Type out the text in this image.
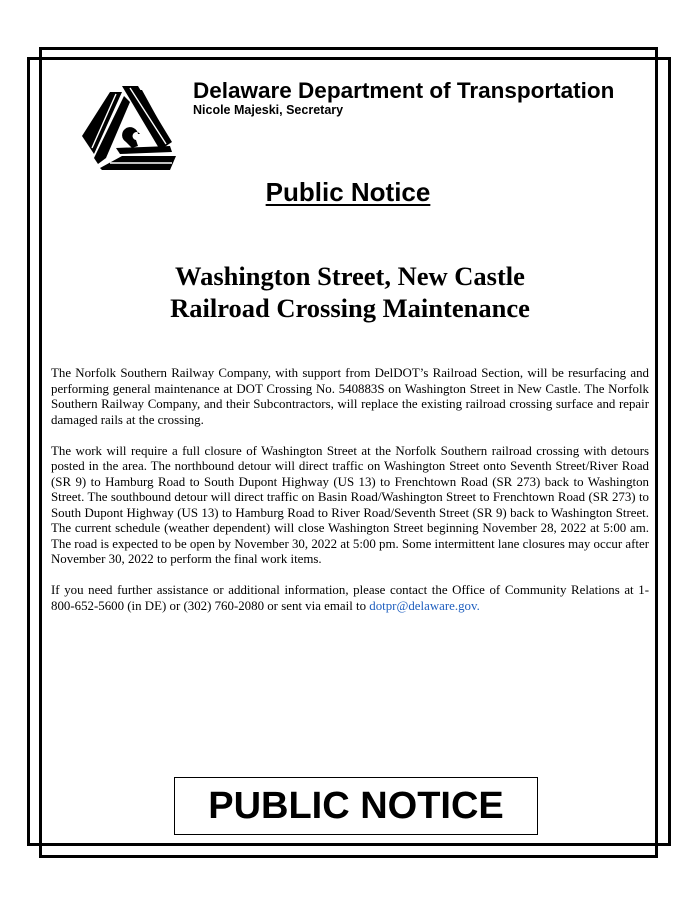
Delaware Department of Transportation
Nicole Majeski, Secretary
Public Notice
Washington Street, New Castle
Railroad Crossing Maintenance

The Norfolk Southern Railway Company, with support from DelDOT’s Railroad Section, will be resurfacing and performing general maintenance at DOT Crossing No. 540883S on Washington Street in New Castle. The Norfolk Southern Railway Company, and their Subcontractors, will replace the existing railroad crossing surface and repair damaged rails at the crossing.

The work will require a full closure of Washington Street at the Norfolk Southern railroad crossing with detours posted in the area. The northbound detour will direct traffic on Washington Street onto Seventh Street/River Road (SR 9) to Hamburg Road to South Dupont Highway (US 13) to Frenchtown Road (SR 273) back to Washington Street. The southbound detour will direct traffic on Basin Road/Washington Street to Frenchtown Road (SR 273) to South Dupont Highway (US 13) to Hamburg Road to River Road/Seventh Street (SR 9) back to Washington Street. The current schedule (weather dependent) will close Washington Street beginning November 28, 2022 at 5:00 am. The road is expected to be open by November 30, 2022 at 5:00 pm. Some intermittent lane closures may occur after November 30, 2022 to perform the final work items.

If you need further assistance or additional information, please contact the Office of Community Relations at 1-800-652-5600 (in DE) or (302) 760-2080 or sent via email to dotpr@delaware.gov.

PUBLIC NOTICE
